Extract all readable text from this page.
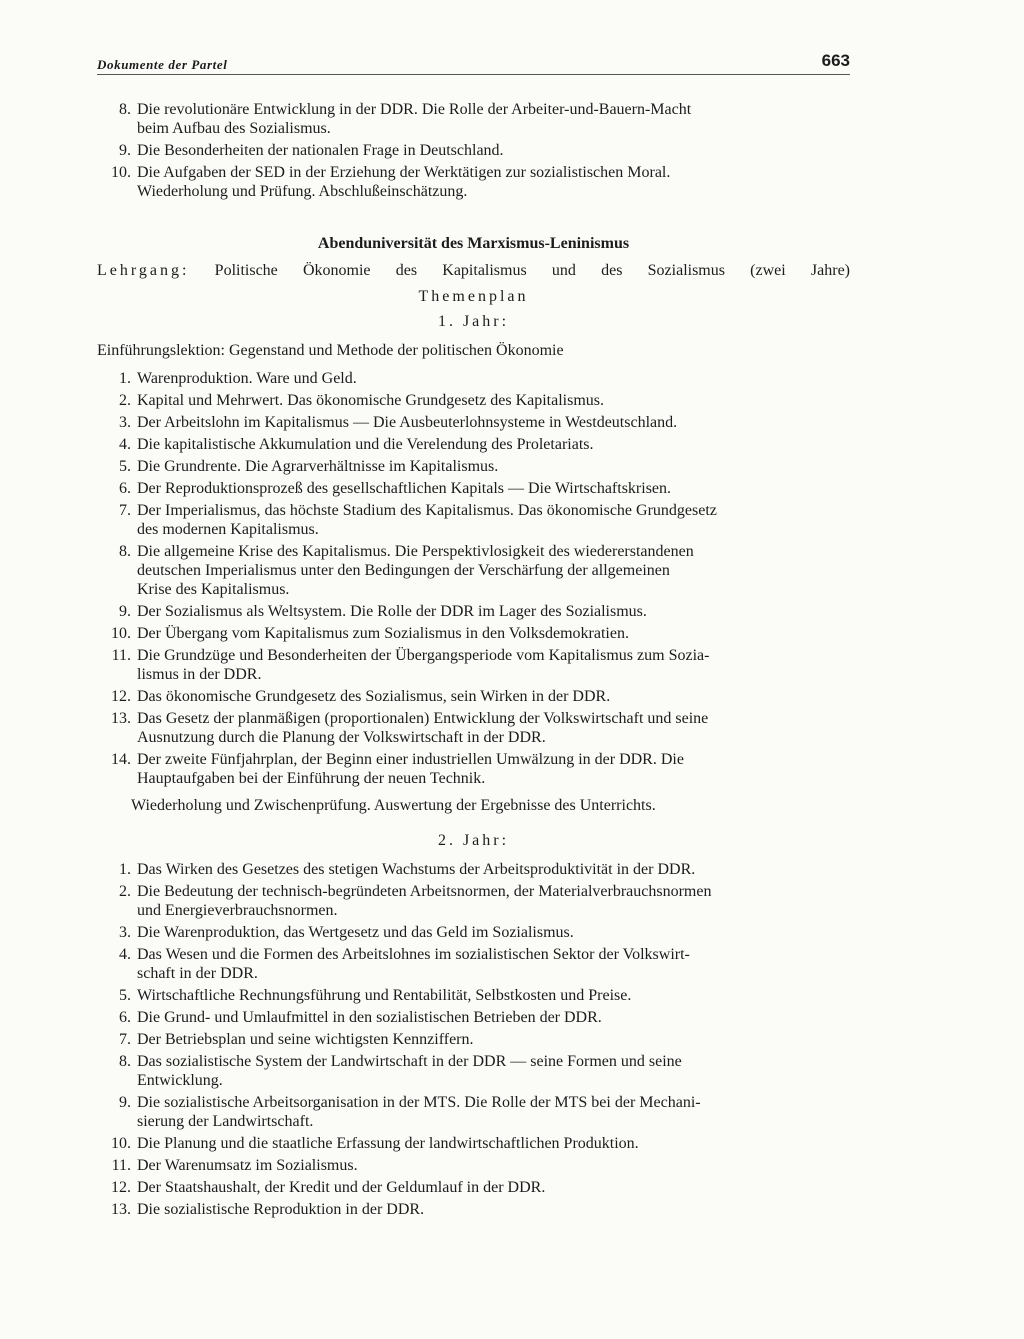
Dokumente der Partel	663
8. Die revolutionäre Entwicklung in der DDR. Die Rolle der Arbeiter-und-Bauern-Macht
beim Aufbau des Sozialismus.
9. Die Besonderheiten der nationalen Frage in Deutschland.
10. Die Aufgaben der SED in der Erziehung der Werktätigen zur sozialistischen Moral.
Wiederholung und Prüfung. Abschlußeinschätzung.
Abenduniversität des Marxismus-Leninismus
Lehrgang: Politische Ökonomie des Kapitalismus und des Sozialismus (zwei Jahre)
Themenplan
1. Jahr:
Einführungslektion: Gegenstand und Methode der politischen Ökonomie
1. Warenproduktion. Ware und Geld.
2. Kapital und Mehrwert. Das ökonomische Grundgesetz des Kapitalismus.
3. Der Arbeitslohn im Kapitalismus — Die Ausbeuterlohnsysteme in Westdeutschland.
4. Die kapitalistische Akkumulation und die Verelendung des Proletariats.
5. Die Grundrente. Die Agrarverhältnisse im Kapitalismus.
6. Der Reproduktionsprozeß des gesellschaftlichen Kapitals — Die Wirtschaftskrisen.
7. Der Imperialismus, das höchste Stadium des Kapitalismus. Das ökonomische Grundgesetz
des modernen Kapitalismus.
8. Die allgemeine Krise des Kapitalismus. Die Perspektivlosigkeit des wiedererstandenen
deutschen Imperialismus unter den Bedingungen der Verschärfung der allgemeinen
Krise des Kapitalismus.
9. Der Sozialismus als Weltsystem. Die Rolle der DDR im Lager des Sozialismus.
10. Der Übergang vom Kapitalismus zum Sozialismus in den Volksdemokratien.
11. Die Grundzüge und Besonderheiten der Übergangsperiode vom Kapitalismus zum Sozia-
lismus in der DDR.
12. Das ökonomische Grundgesetz des Sozialismus, sein Wirken in der DDR.
13. Das Gesetz der planmäßigen (proportionalen) Entwicklung der Volkswirtschaft und seine
Ausnutzung durch die Planung der Volkswirtschaft in der DDR.
14. Der zweite Fünfjahrplan, der Beginn einer industriellen Umwälzung in der DDR. Die
Hauptaufgaben bei der Einführung der neuen Technik.
Wiederholung und Zwischenprüfung. Auswertung der Ergebnisse des Unterrichts.
2. Jahr:
1. Das Wirken des Gesetzes des stetigen Wachstums der Arbeitsproduktivität in der DDR.
2. Die Bedeutung der technisch-begründeten Arbeitsnormen, der Materialverbrauchsnormen
und Energieverbrauchsnormen.
3. Die Warenproduktion, das Wertgesetz und das Geld im Sozialismus.
4. Das Wesen und die Formen des Arbeitslohnes im sozialistischen Sektor der Volkswirt-
schaft in der DDR.
5. Wirtschaftliche Rechnungsführung und Rentabilität, Selbstkosten und Preise.
6. Die Grund- und Umlaufmittel in den sozialistischen Betrieben der DDR.
7. Der Betriebsplan und seine wichtigsten Kennziffern.
8. Das sozialistische System der Landwirtschaft in der DDR — seine Formen und seine
Entwicklung.
9. Die sozialistische Arbeitsorganisation in der MTS. Die Rolle der MTS bei der Mechani-
sierung der Landwirtschaft.
10. Die Planung und die staatliche Erfassung der landwirtschaftlichen Produktion.
11. Der Warenumsatz im Sozialismus.
12. Der Staatshaushalt, der Kredit und der Geldumlauf in der DDR.
13. Die sozialistische Reproduktion in der DDR.
